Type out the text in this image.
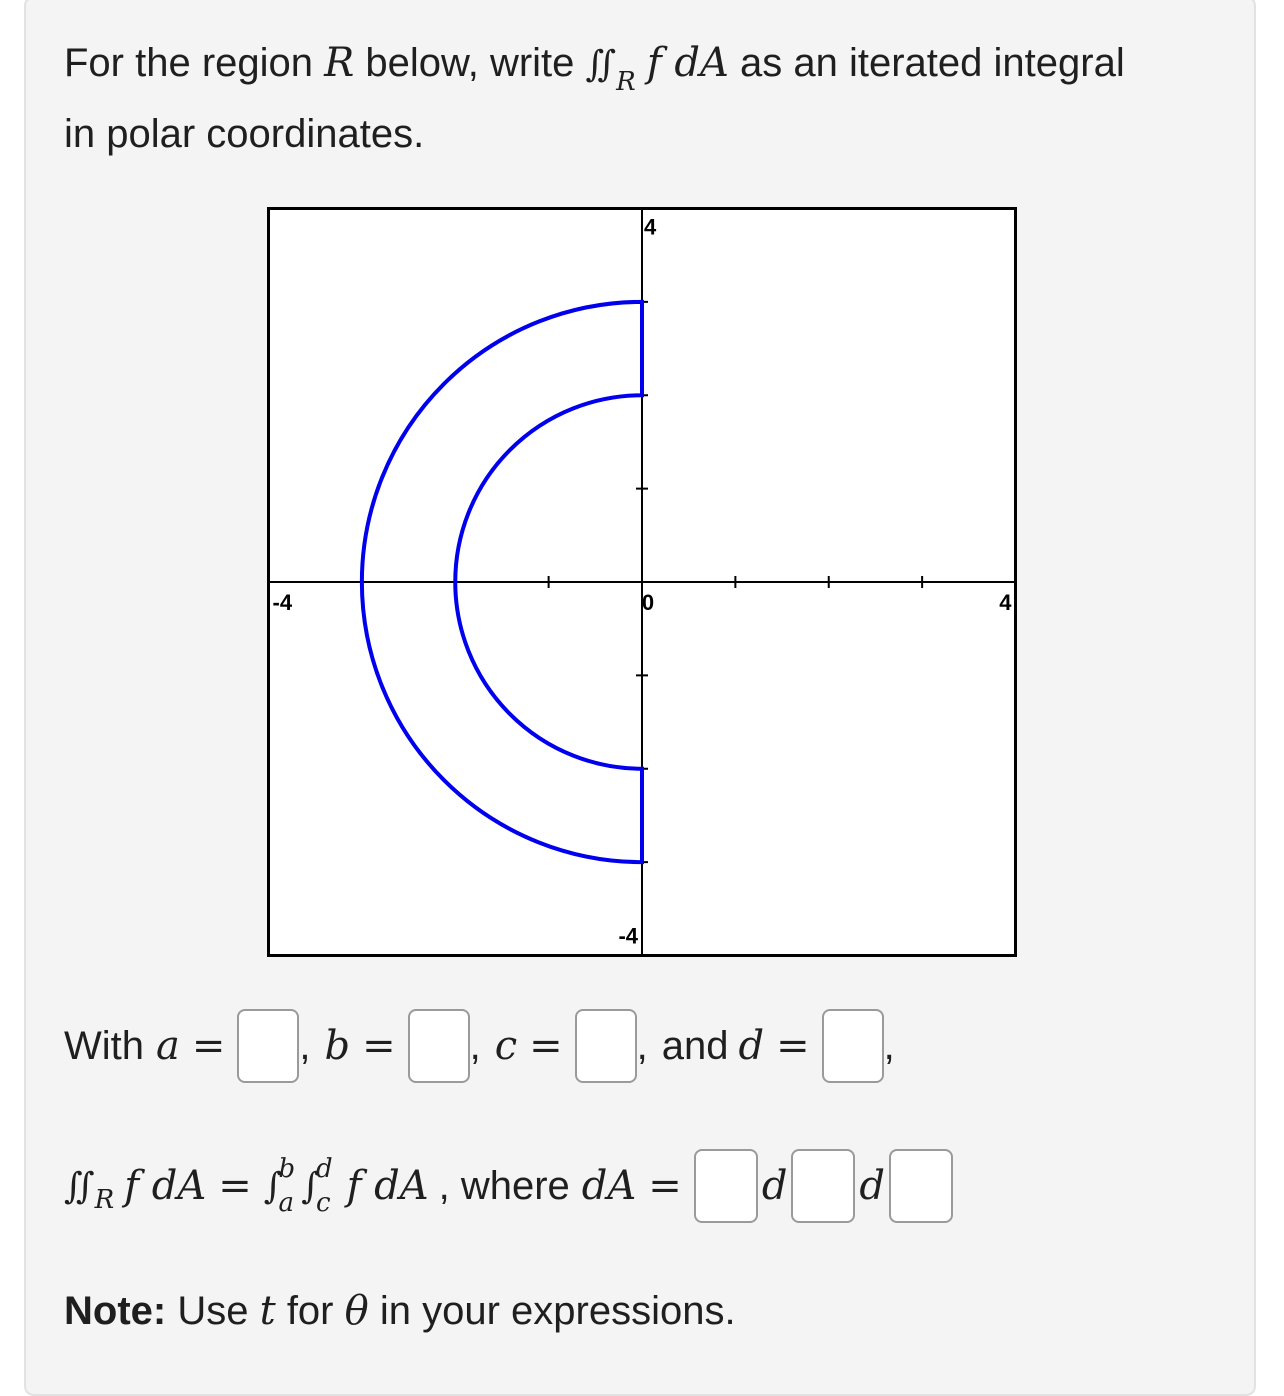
For the region R below, write $∬_R$ f dA as an iterated integral
in polar coordinates.
-4	4
4
-4
0
With a = , b = , c = , and d = ,
∬ R f dA = ∫
b
a ∫
d
c f dA , where dA = d d
Note: Use t for θ in your expressions.
